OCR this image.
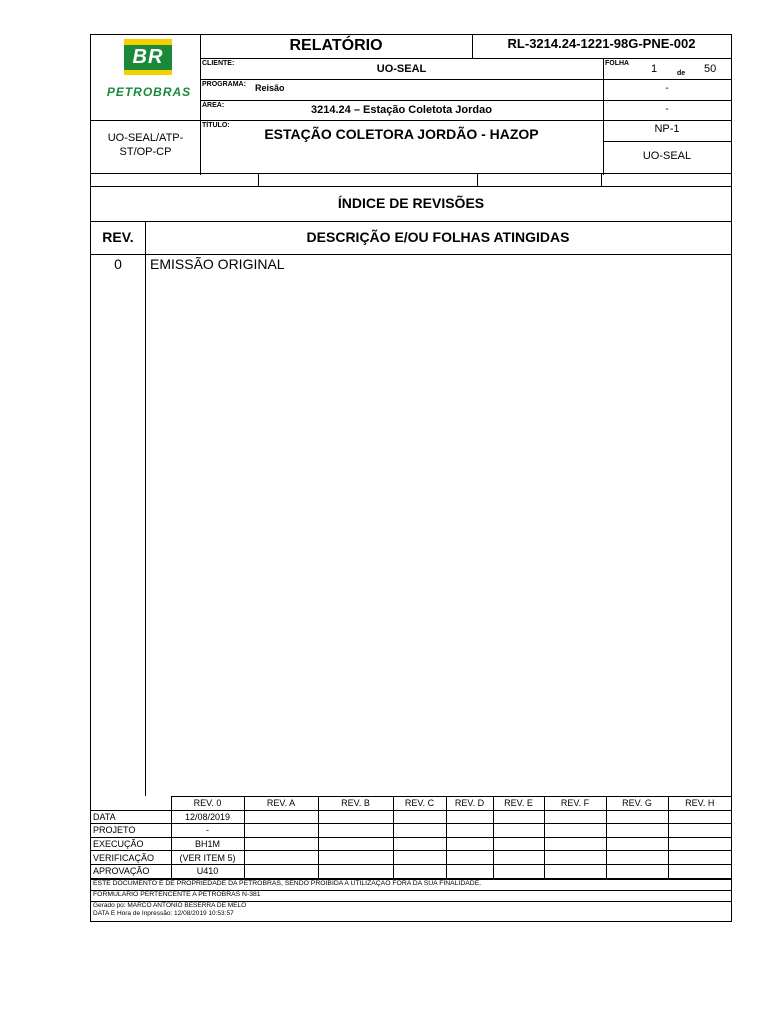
BR
PETROBRAS
RELATÓRIO	RL-3214.24-1221-98G-PNE-002
CLIENTE:	UO-SEAL	FOLHA 1	de 50
PROGRAMA: Reisão	-
ÁREA:	3214.24 – Estação Coletota Jordao	-
UO-SEAL/ATP-
ST/OP-CP
TÍTULO:
ESTAÇÃO COLETORA JORDÃO - HAZOP	NP-1
UO-SEAL
ÍNDICE DE REVISÕES
REV.	DESCRIÇÃO E/OU FOLHAS ATINGIDAS
0	EMISSÃO ORIGINAL
	REV. 0	REV. A	REV. B	REV. C	REV. D	REV. E	REV. F	REV. G	REV. H
DATA	12/08/2019								
PROJETO	-								
EXECUÇÃO	BH1M								
VERIFICAÇÃO	(VER ITEM 5)								
APROVAÇÃO	U410								
ESTE DOCUMENTO É DE PROPRIEDADE DA PETROBRAS, SENDO PROIBIDA A UTILIZAÇÃO FORA DA SUA FINALIDADE.
FORMULÁRIO PERTENCENTE A PETROBRAS N-381
Gerado po: MARCO ANTÔNIO BESERRA DE MELO
DATA E Hora de Inpressão: 12/08/2019 10:53:57
